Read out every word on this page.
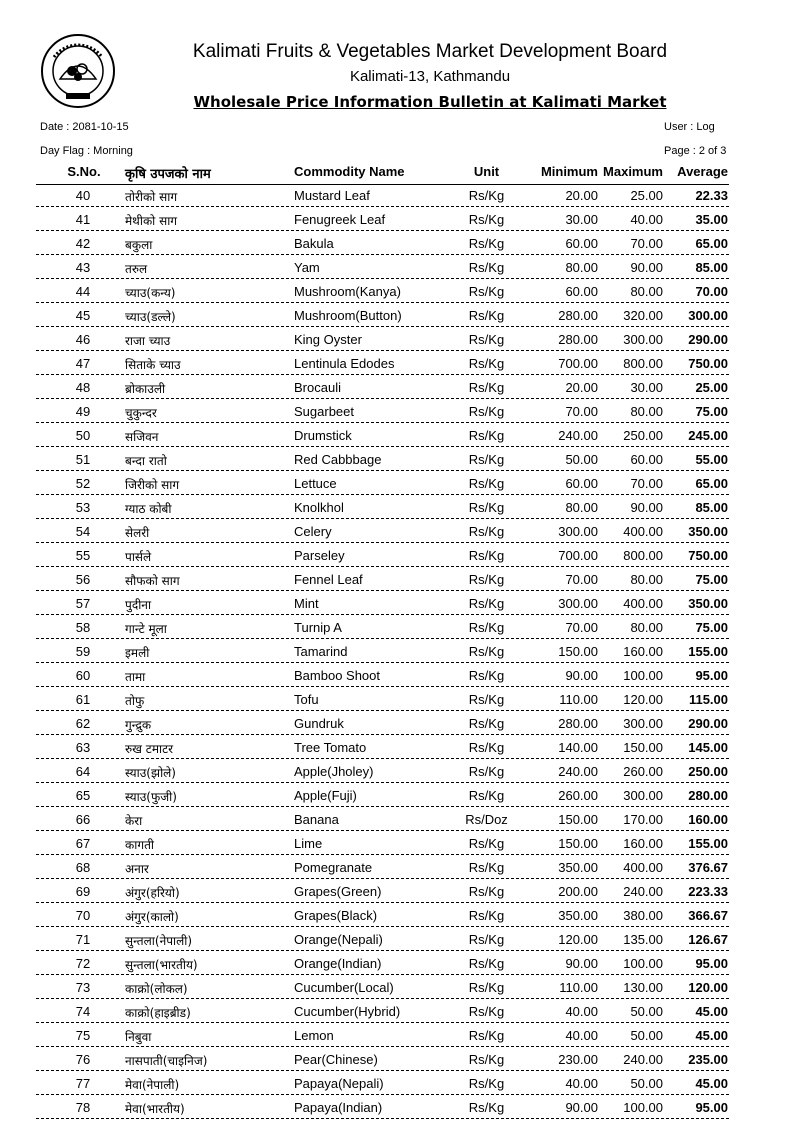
Kalimati Fruits & Vegetables Market Development Board
Kalimati-13, Kathmandu
Wholesale Price Information Bulletin at Kalimati Market
Date : 2081-10-15	User : Log
Day Flag : Morning	Page : 2 of 3
S.No. कृषि उपजको नाम	Commodity Name	Unit	Minimum Maximum	Average
40	तोरीको साग	Mustard Leaf	Rs/Kg	20.00	25.00	22.33
41	मेथीको साग	Fenugreek Leaf	Rs/Kg	30.00	40.00	35.00
42	बकुला	Bakula	Rs/Kg	60.00	70.00	65.00
43	तरुल	Yam	Rs/Kg	80.00	90.00	85.00
44	च्याउ(कन्य)	Mushroom(Kanya)	Rs/Kg	60.00	80.00	70.00
45	च्याउ(डल्ले)	Mushroom(Button)	Rs/Kg	280.00	320.00	300.00
46	राजा च्याउ	King Oyster	Rs/Kg	280.00	300.00	290.00
47	सिताके च्याउ	Lentinula Edodes	Rs/Kg	700.00	800.00	750.00
48	ब्रोकाउली	Brocauli	Rs/Kg	20.00	30.00	25.00
49	चुकुन्दर	Sugarbeet	Rs/Kg	70.00	80.00	75.00
50	सजिवन	Drumstick	Rs/Kg	240.00	250.00	245.00
51	बन्दा रातो	Red Cabbbage	Rs/Kg	50.00	60.00	55.00
52	जिरीको साग	Lettuce	Rs/Kg	60.00	70.00	65.00
53	ग्याठ कोबी	Knolkhol	Rs/Kg	80.00	90.00	85.00
54	सेलरी	Celery	Rs/Kg	300.00	400.00	350.00
55	पार्सले	Parseley	Rs/Kg	700.00	800.00	750.00
56	सौफको साग	Fennel Leaf	Rs/Kg	70.00	80.00	75.00
57	पुदीना	Mint	Rs/Kg	300.00	400.00	350.00
58	गान्टे मूला	Turnip A	Rs/Kg	70.00	80.00	75.00
59	इमली	Tamarind	Rs/Kg	150.00	160.00	155.00
60	तामा	Bamboo Shoot	Rs/Kg	90.00	100.00	95.00
61	तोफु	Tofu	Rs/Kg	110.00	120.00	115.00
62	गुन्द्रुक	Gundruk	Rs/Kg	280.00	300.00	290.00
63	रुख टमाटर	Tree Tomato	Rs/Kg	140.00	150.00	145.00
64	स्याउ(झोले)	Apple(Jholey)	Rs/Kg	240.00	260.00	250.00
65	स्याउ(फुजी)	Apple(Fuji)	Rs/Kg	260.00	300.00	280.00
66	केरा	Banana	Rs/Doz	150.00	170.00	160.00
67	कागती	Lime	Rs/Kg	150.00	160.00	155.00
68	अनार	Pomegranate	Rs/Kg	350.00	400.00	376.67
69	अंगुर(हरियो)	Grapes(Green)	Rs/Kg	200.00	240.00	223.33
70	अंगुर(कालो)	Grapes(Black)	Rs/Kg	350.00	380.00	366.67
71	सुन्तला(नेपाली)	Orange(Nepali)	Rs/Kg	120.00	135.00	126.67
72	सुन्तला(भारतीय)	Orange(Indian)	Rs/Kg	90.00	100.00	95.00
73	काक्रो(लोकल)	Cucumber(Local)	Rs/Kg	110.00	130.00	120.00
74	काक्रो(हाइब्रीड)	Cucumber(Hybrid)	Rs/Kg	40.00	50.00	45.00
75	निबुवा	Lemon	Rs/Kg	40.00	50.00	45.00
76	नासपाती(चाइनिज)	Pear(Chinese)	Rs/Kg	230.00	240.00	235.00
77	मेवा(नेपाली)	Papaya(Nepali)	Rs/Kg	40.00	50.00	45.00
78	मेवा(भारतीय)	Papaya(Indian)	Rs/Kg	90.00	100.00	95.00
